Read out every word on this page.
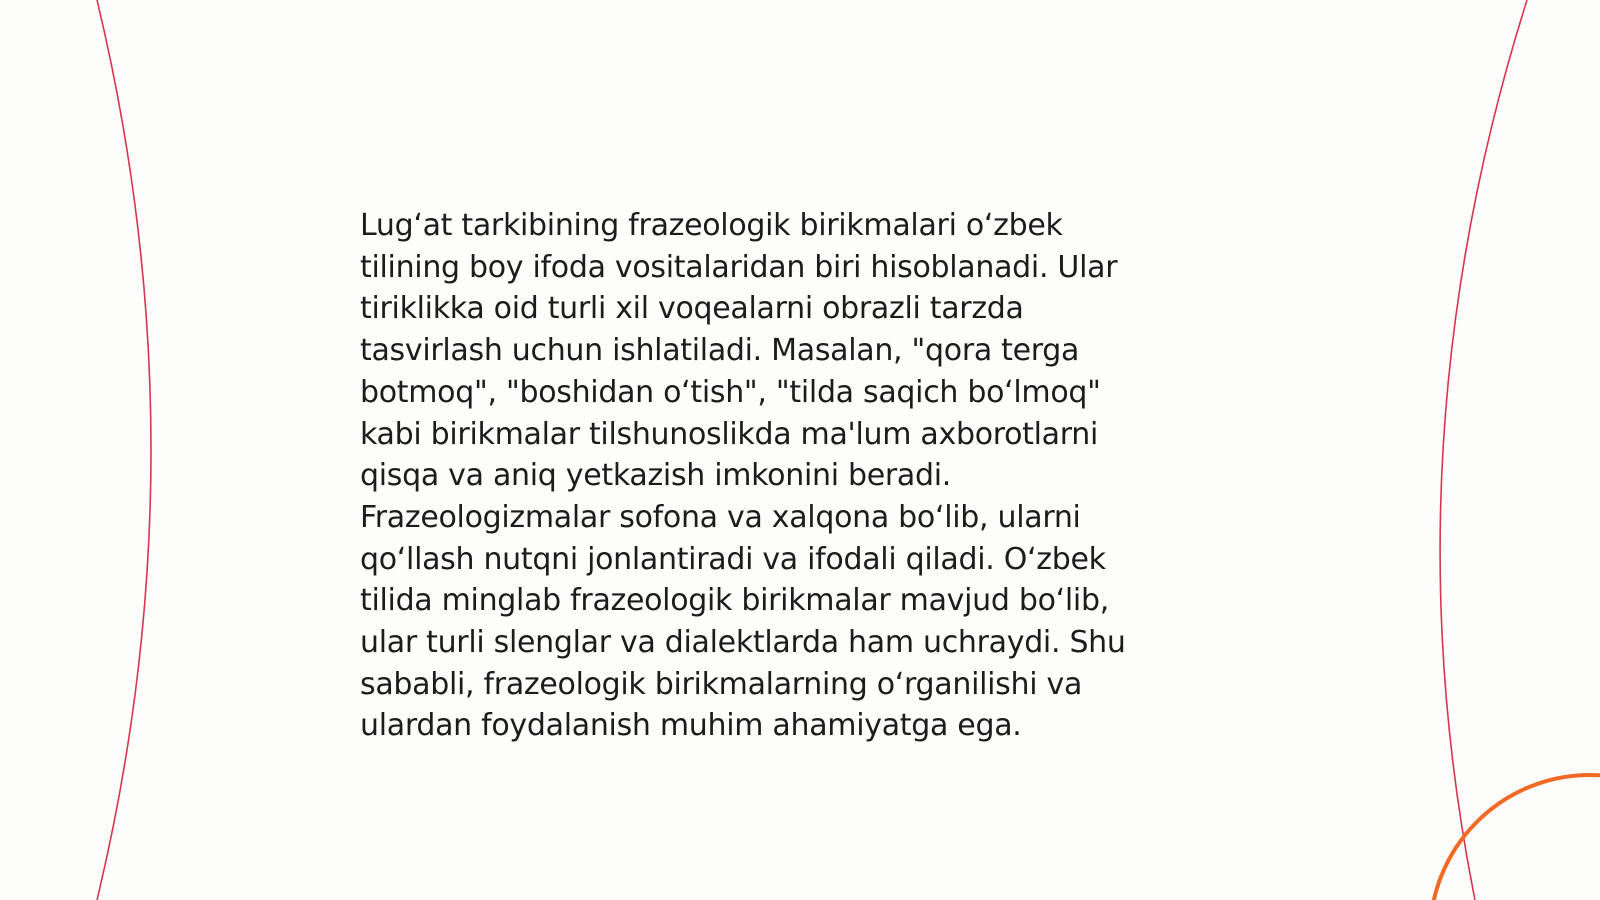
Lug‘at tarkibining frazeologik birikmalari o‘zbek
tilining boy ifoda vositalaridan biri hisoblanadi. Ular
tiriklikka oid turli xil voqealarni obrazli tarzda
tasvirlash uchun ishlatiladi. Masalan, "qora terga
botmoq", "boshidan o‘tish", "tilda saqich bo‘lmoq"
kabi birikmalar tilshunoslikda ma'lum axborotlarni
qisqa va aniq yetkazish imkonini beradi.
Frazeologizmalar sofona va xalqona bo‘lib, ularni
qo‘llash nutqni jonlantiradi va ifodali qiladi. O‘zbek
tilida minglab frazeologik birikmalar mavjud bo‘lib,
ular turli slenglar va dialektlarda ham uchraydi. Shu
sababli, frazeologik birikmalarning o‘rganilishi va
ulardan foydalanish muhim ahamiyatga ega.
